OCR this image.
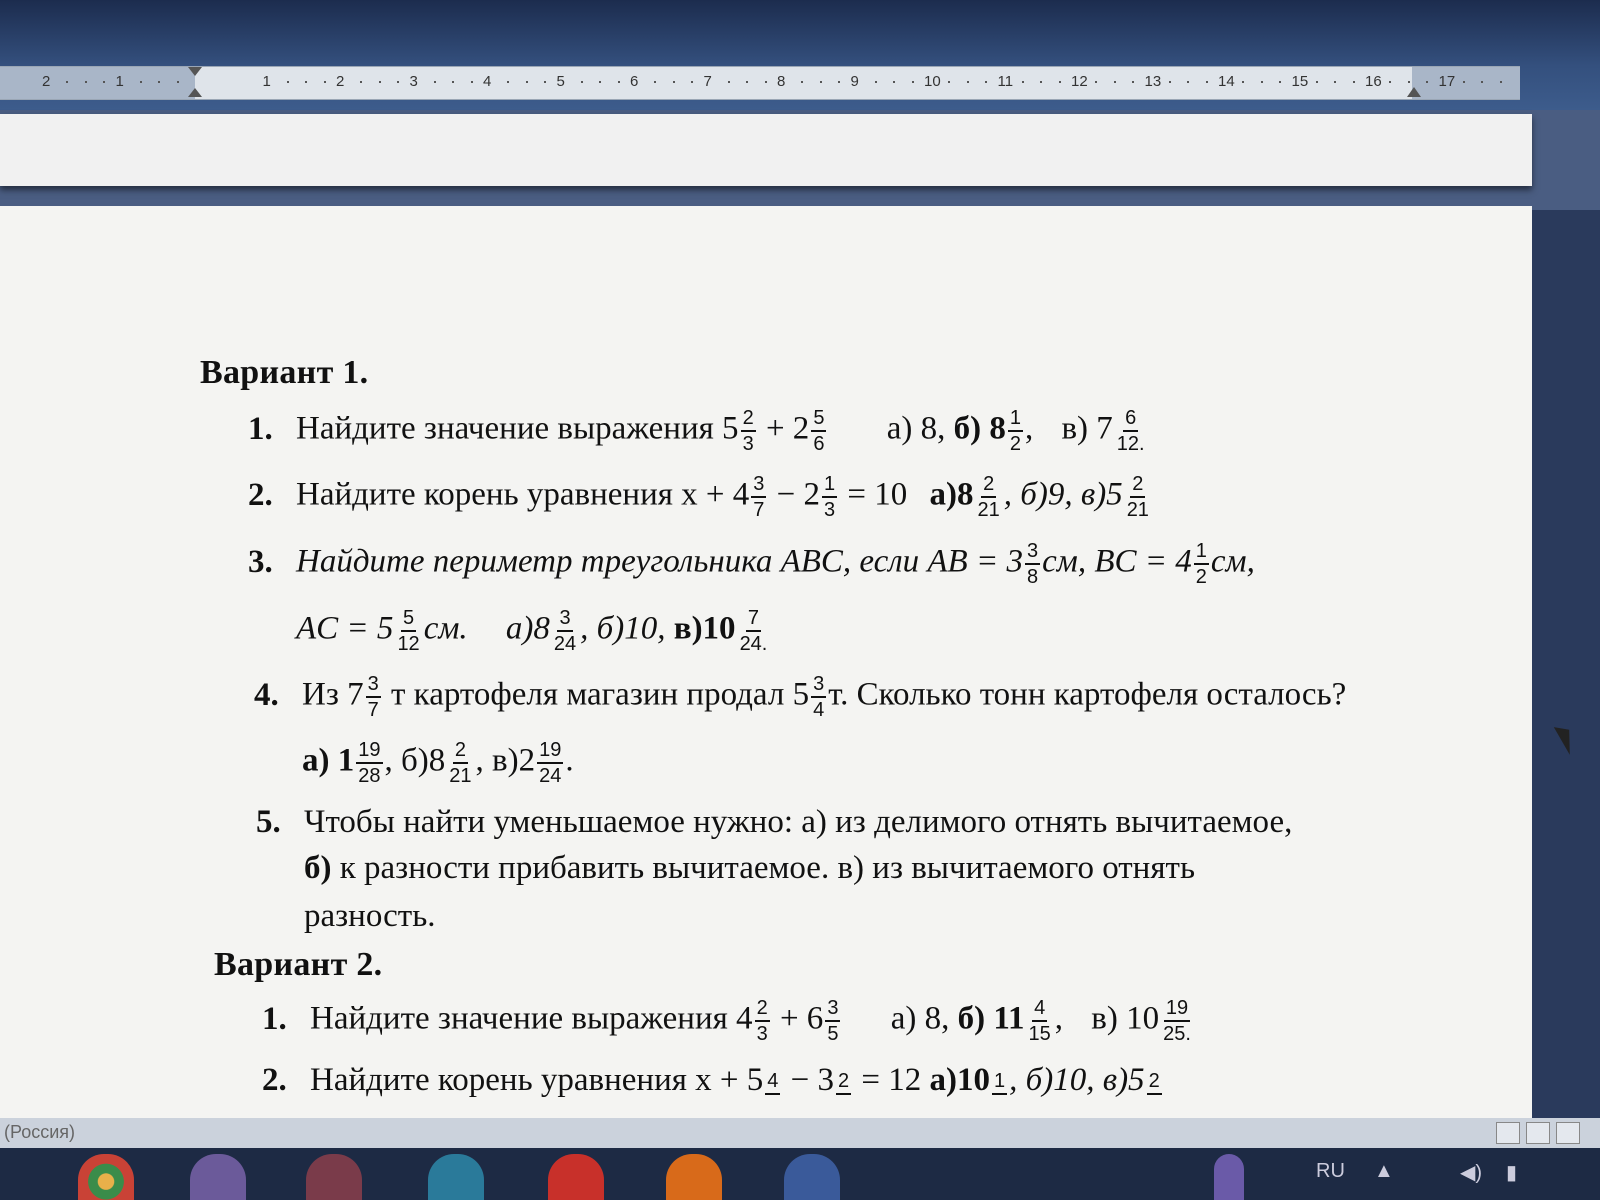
2	1	1	2	3	4	5	6	7	8	9	10	11	12	13	14	15	16	17
Вариант 1.
1. Найдите значение выражения $5 \frac{2}{3} + 2 \frac{5}{6} а$) 8, б) $8 \frac{1}{2}$ , в) $7 \frac{6}{12.}$
2. Найдите корень уравнения $x + 4 \frac{3}{7} - 2 \frac{1}{3} = 10$ $а)8 \frac{2}{21}$ , б)9, $в)5 \frac{2}{21}$
3. Найдите периметр треугольника ABC, если AB = $3 \frac{3}{8}$ см, BC = $4 \frac{1}{2}$ см,
AC = $5 \frac{5}{12}$ см. $а)8 \frac{3}{24}$ , б)10, $в)10 \frac{7}{24.}$
4. Из $7 \frac{3}{7}$ т картофеля магазин продал $5 \frac{3}{4} т$. Сколько тонн картофеля осталось?
а) $1 \frac{19}{28}$ , $б)8 \frac{2}{21}$ , $в)2 \frac{19}{24}$ .
5. Чтобы найти уменьшаемое нужно: а) из делимого отнять вычитаемое,
б) к разности прибавить вычитаемое. в) из вычитаемого отнять
разность.
Вариант 2.
1. Найдите значение выражения $4 \frac{2}{3} + 6 \frac{3}{5} а$) 8, б) $11 \frac{4}{15}$ , в) $10 \frac{19}{25.}$
2. Найдите корень уравнения x + 5 4 − 3 2 = 12 а)10 1 , б)10, в)5 2
(Россия)
RU ▲	◀) ▮
